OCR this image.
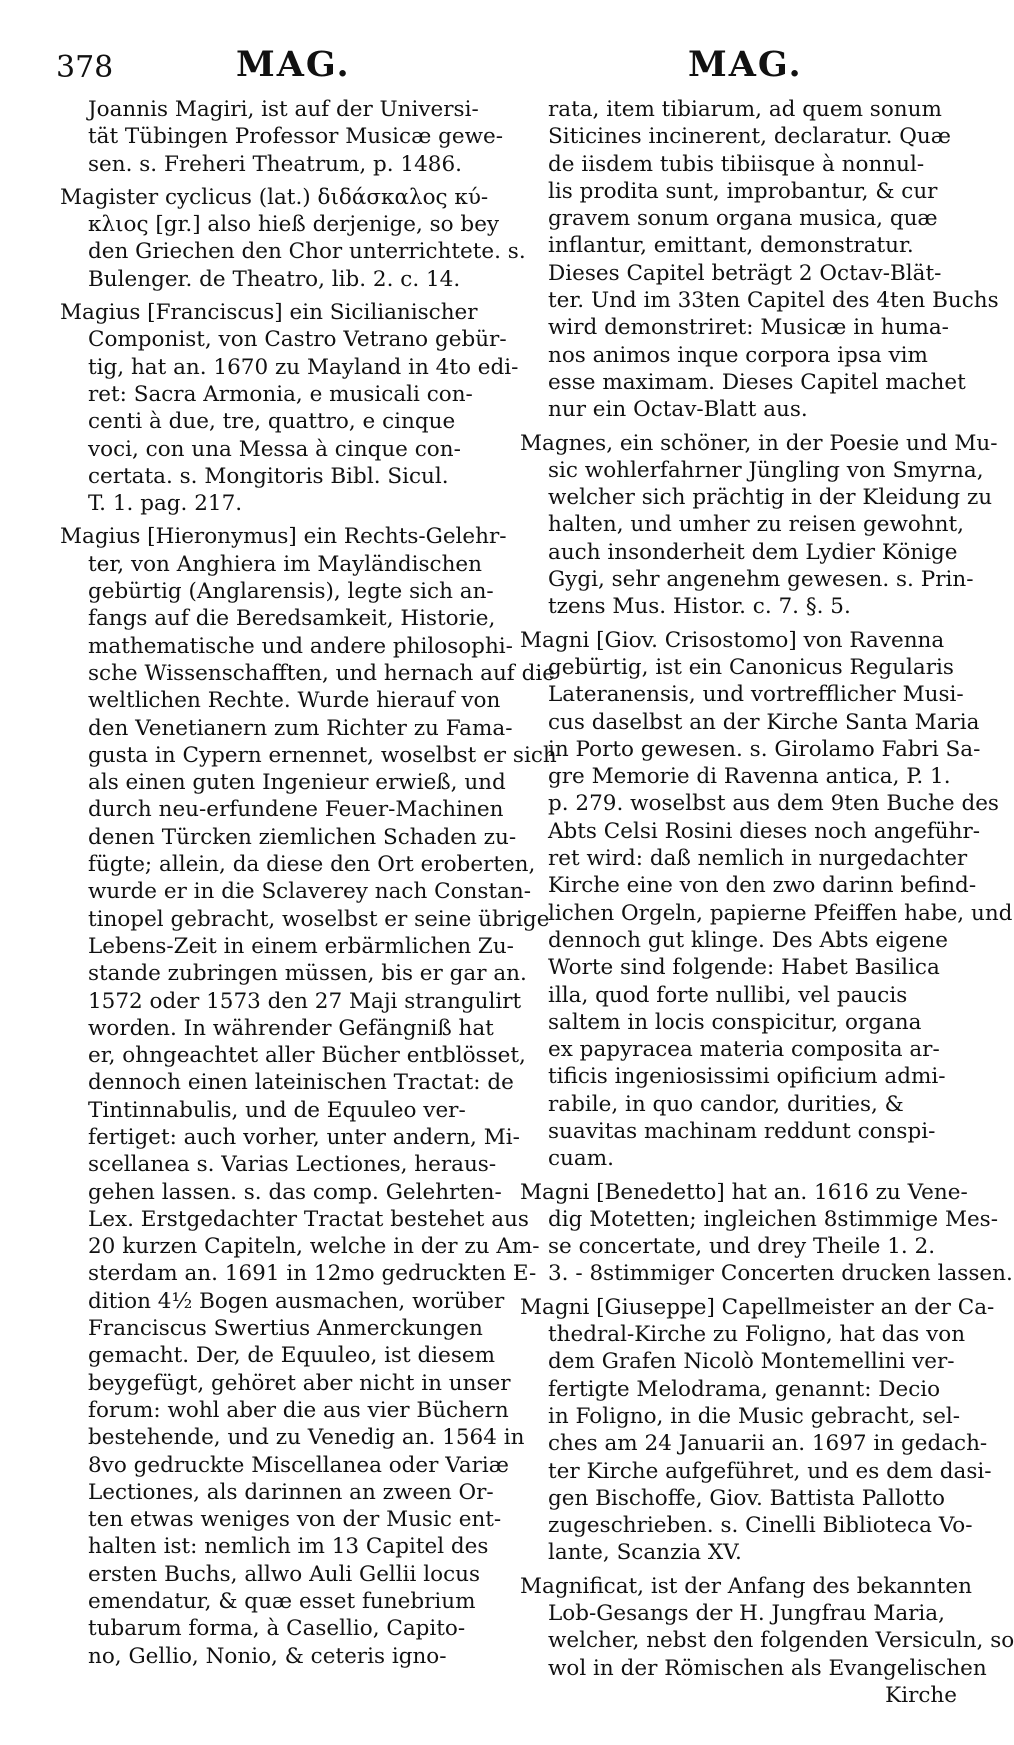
378	MAG.	MAG.
Joannis Magiri, ist auf der Universi-
tät Tübingen Professor Musicæ gewe-
sen. s. Freheri Theatrum, p. 1486.
Magister cyclicus (lat.) διδάσκαλος κύ-
κλιος [gr.] also hieß derjenige, so bey
den Griechen den Chor unterrichtete. s.
Bulenger. de Theatro, lib. 2. c. 14.
Magius [Franciscus] ein Sicilianischer
Componist, von Castro Vetrano gebür-
tig, hat an. 1670 zu Mayland in 4to edi-
ret: Sacra Armonia, e musicali con-
centi à due, tre, quattro, e cinque
voci, con una Messa à cinque con-
certata. s. Mongitoris Bibl. Sicul.
T. 1. pag. 217.
Magius [Hieronymus] ein Rechts-Gelehr-
ter, von Anghiera im Mayländischen
gebürtig (Anglarensis), legte sich an-
fangs auf die Beredsamkeit, Historie,
mathematische und andere philosophi-
sche Wissenschafften, und hernach auf die
weltlichen Rechte. Wurde hierauf von
den Venetianern zum Richter zu Fama-
gusta in Cypern ernennet, woselbst er sich
als einen guten Ingenieur erwieß, und
durch neu-erfundene Feuer-Machinen
denen Türcken ziemlichen Schaden zu-
fügte; allein, da diese den Ort eroberten,
wurde er in die Sclaverey nach Constan-
tinopel gebracht, woselbst er seine übrige
Lebens-Zeit in einem erbärmlichen Zu-
stande zubringen müssen, bis er gar an.
1572 oder 1573 den 27 Maji strangulirt
worden. In währender Gefängniß hat
er, ohngeachtet aller Bücher entblösset,
dennoch einen lateinischen Tractat: de
Tintinnabulis, und de Equuleo ver-
fertiget: auch vorher, unter andern, Mi-
scellanea s. Varias Lectiones, heraus-
gehen lassen. s. das comp. Gelehrten-
Lex. Erstgedachter Tractat bestehet aus
20 kurzen Capiteln, welche in der zu Am-
sterdam an. 1691 in 12mo gedruckten E-
dition 4½ Bogen ausmachen, worüber
Franciscus Swertius Anmerckungen
gemacht. Der, de Equuleo, ist diesem
beygefügt, gehöret aber nicht in unser
forum: wohl aber die aus vier Büchern
bestehende, und zu Venedig an. 1564 in
8vo gedruckte Miscellanea oder Variæ
Lectiones, als darinnen an zween Or-
ten etwas weniges von der Music ent-
halten ist: nemlich im 13 Capitel des
ersten Buchs, allwo Auli Gellii locus
emendatur, & quæ esset funebrium
tubarum forma, à Casellio, Capito-
no, Gellio, Nonio, & ceteris igno-
rata, item tibiarum, ad quem sonum
Siticines incinerent, declaratur. Quæ
de iisdem tubis tibiisque à nonnul-
lis prodita sunt, improbantur, & cur
gravem sonum organa musica, quæ
inflantur, emittant, demonstratur.
Dieses Capitel beträgt 2 Octav-Blät-
ter. Und im 33ten Capitel des 4ten Buchs
wird demonstriret: Musicæ in huma-
nos animos inque corpora ipsa vim
esse maximam. Dieses Capitel machet
nur ein Octav-Blatt aus.
Magnes, ein schöner, in der Poesie und Mu-
sic wohlerfahrner Jüngling von Smyrna,
welcher sich prächtig in der Kleidung zu
halten, und umher zu reisen gewohnt,
auch insonderheit dem Lydier Könige
Gygi, sehr angenehm gewesen. s. Prin-
tzens Mus. Histor. c. 7. §. 5.
Magni [Giov. Crisostomo] von Ravenna
gebürtig, ist ein Canonicus Regularis
Lateranensis, und vortrefflicher Musi-
cus daselbst an der Kirche Santa Maria
in Porto gewesen. s. Girolamo Fabri Sa-
gre Memorie di Ravenna antica, P. 1.
p. 279. woselbst aus dem 9ten Buche des
Abts Celsi Rosini dieses noch angeführ-
ret wird: daß nemlich in nurgedachter
Kirche eine von den zwo darinn befind-
lichen Orgeln, papierne Pfeiffen habe, und
dennoch gut klinge. Des Abts eigene
Worte sind folgende: Habet Basilica
illa, quod forte nullibi, vel paucis
saltem in locis conspicitur, organa
ex papyracea materia composita ar-
tificis ingeniosissimi opificium admi-
rabile, in quo candor, durities, &
suavitas machinam reddunt conspi-
cuam.
Magni [Benedetto] hat an. 1616 zu Vene-
dig Motetten; ingleichen 8stimmige Mes-
se concertate, und drey Theile 1. 2.
3. - 8stimmiger Concerten drucken lassen.
Magni [Giuseppe] Capellmeister an der Ca-
thedral-Kirche zu Foligno, hat das von
dem Grafen Nicolò Montemellini ver-
fertigte Melodrama, genannt: Decio
in Foligno, in die Music gebracht, sel-
ches am 24 Januarii an. 1697 in gedach-
ter Kirche aufgeführet, und es dem dasi-
gen Bischoffe, Giov. Battista Pallotto
zugeschrieben. s. Cinelli Biblioteca Vo-
lante, Scanzia XV.
Magnificat, ist der Anfang des bekannten
Lob-Gesangs der H. Jungfrau Maria,
welcher, nebst den folgenden Versiculn, so
wol in der Römischen als Evangelischen
Kirche
